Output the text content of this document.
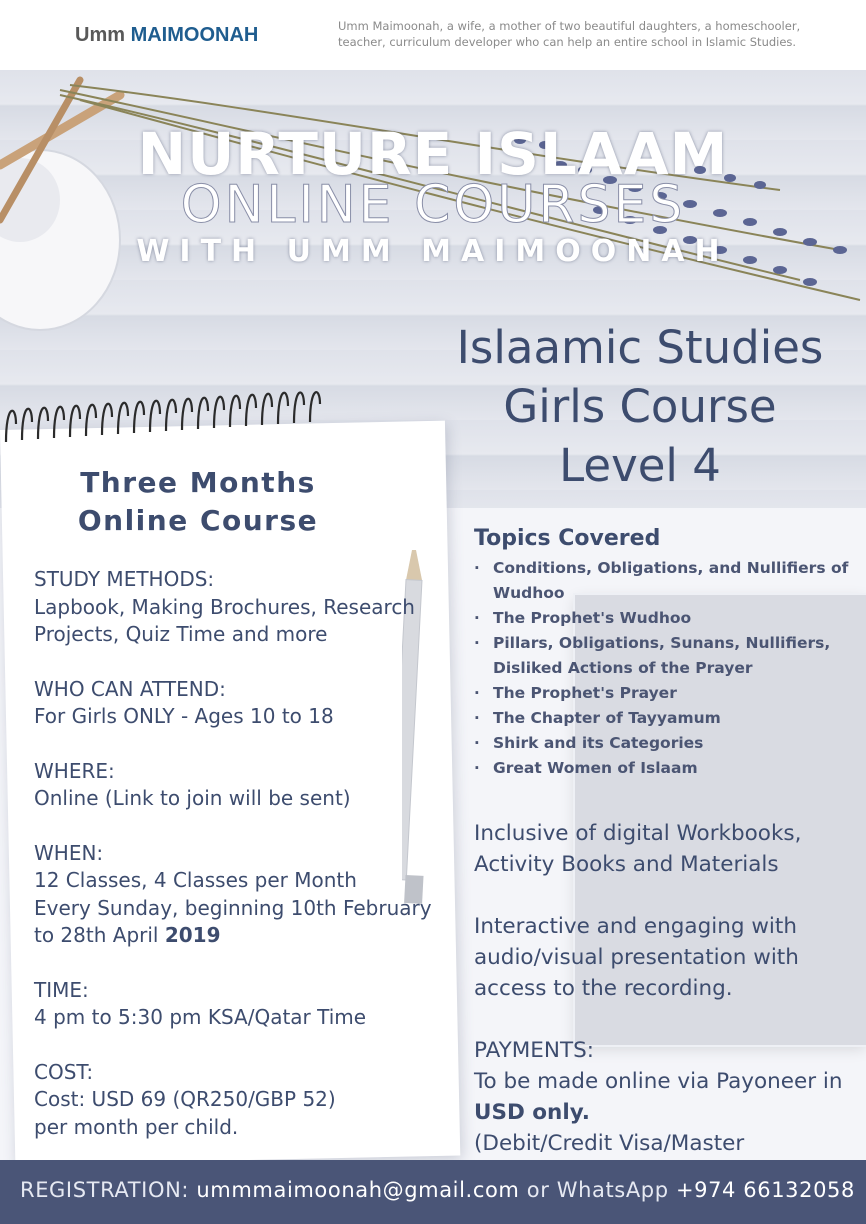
Umm MAIMOONAH	Umm Maimoonah, a wife, a mother of two beautiful daughters, a homeschooler, teacher, curriculum developer who can help an entire school in Islamic Studies.
NURTURE ISLAAM
ONLINE COURSES
WITH UMM MAIMOONAH
Islaamic Studies
Girls Course
Level 4
Three Months
Online Course
STUDY METHODS:
Lapbook, Making Brochures, Research
Projects, Quiz Time and more
WHO CAN ATTEND:
For Girls ONLY - Ages 10 to 18
WHERE:
Online (Link to join will be sent)
WHEN:
12 Classes, 4 Classes per Month
Every Sunday, beginning 10th February
to 28th April 2019
TIME:
4 pm to 5:30 pm KSA/Qatar Time
COST:
Cost: USD 69 (QR250/GBP 52)
per month per child.
Topics Covered
. Conditions, Obligations, and Nullifiers of Wudhoo
. The Prophet's Wudhoo
. Pillars, Obligations, Sunans, Nullifiers, Disliked Actions of the Prayer
. The Prophet's Prayer
. The Chapter of Tayyamum
. Shirk and its Categories
. Great Women of Islaam

Inclusive of digital Workbooks, Activity Books and Materials

Interactive and engaging with audio/visual presentation with access to the recording.

PAYMENTS:
To be made online via Payoneer in
USD only.
(Debit/Credit Visa/Master
REGISTRATION: ummmaimoonah@gmail.com or WhatsApp +974 66132058
